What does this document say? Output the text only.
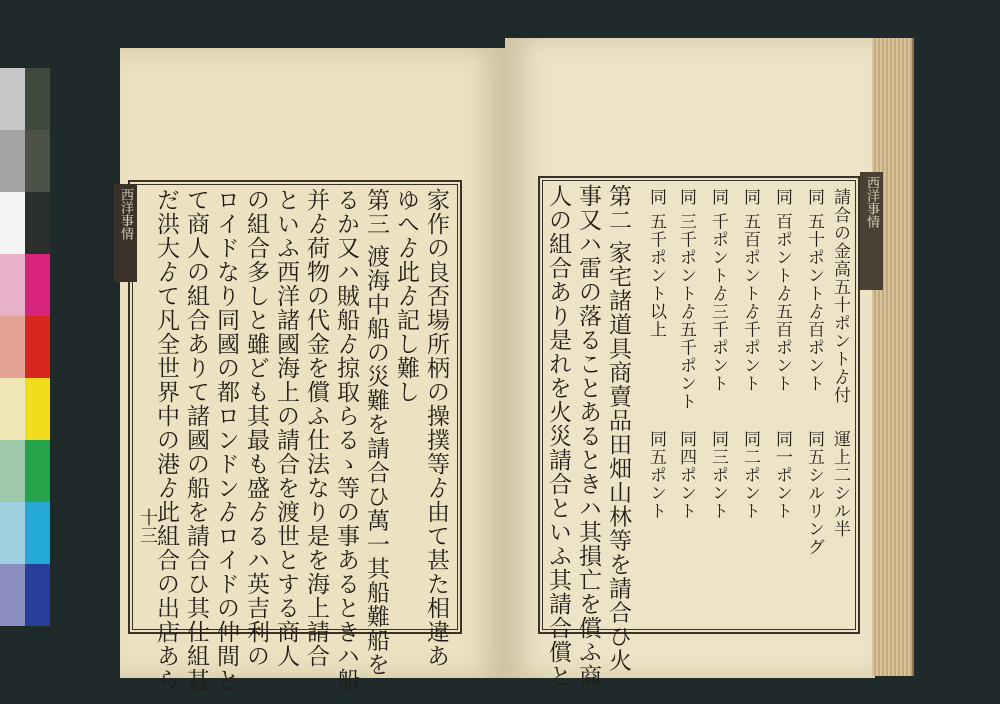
西洋事情	西洋事情
家作の良否場所柄の操撲等ゟ由て甚た相違あ
ゆへゟ此ゟ記し難し
第三 渡海中船の災難を請合ひ萬一其船難船を
るか又ハ賊船ゟ掠取らるゝ等の事あるときハ船
并ゟ荷物の代金を償ふ仕法なり是を海上請合
といふ西洋諸國海上の請合を渡世とする商人
の組合多しと雖ども其最も盛ゟるハ英吉利の
ロイドなり同國の都ロンドンゟロイドの仲間と
て商人の組合ありて諸國の船を請合ひ其仕組甚
だ洪大ゟて凡全世界中の港ゟ此組合の出店あら
十三
請合の金高五十ポントゟ付
同 五十ポントゟ百ポント
同 百ポントゟ五百ポント
同 五百ポントゟ千ポント
同 千ポントゟ三千ポント
同 三千ポントゟ五千ポント
同 五千ポント以上
運上二シル半
同五シルリング
同一ポント
同二ポント
同三ポント
同四ポント
同五ポント
第二 家宅諸道具商賣品田畑山林等を請合ひ火
事又ハ雷の落ることあるときハ其損亡を償ふ商
人の組合あり是れを火災請合といふ其請合償と
